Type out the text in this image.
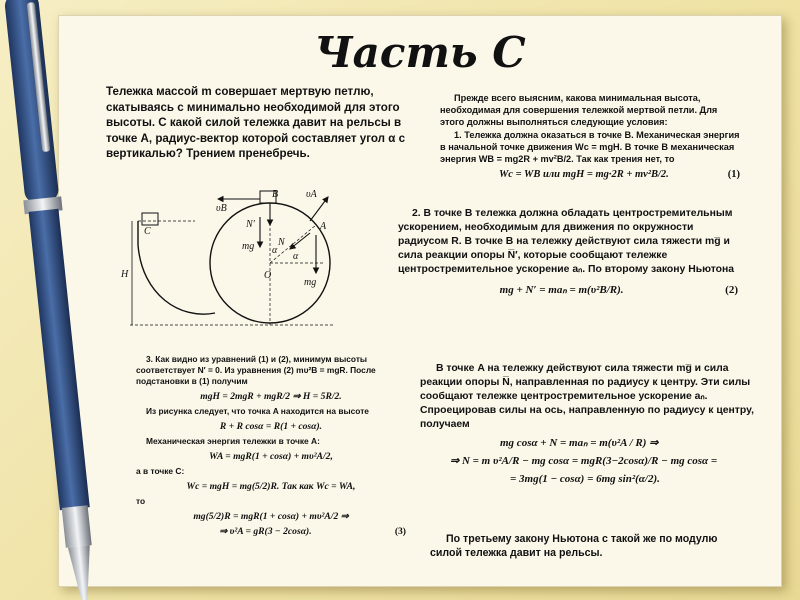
Часть С

Тележка массой m совершает мертвую петлю, скатываясь с минимально необходимой для этого высоты. С какой силой тележка давит на рельсы в точке А, радиус-вектор которой составляет угол α с вертикалью? Трением пренебречь.

Прежде всего выясним, какова минимальная высота, необходимая для совершения тележкой мертвой петли. Для этого должны выполняться следующие условия:

1. Тележка должна оказаться в точке B. Механическая энергия в начальной точке движения Wc = mgH. В точке B механическая энергия WB = mg2R + mv²B/2. Так как трения нет, то

Wc = WB или mgH = mg·2R + mv²B/2.	(1)

2. В точке B тележка должна обладать центростремительным ускорением, необходимым для движения по окружности радиусом R. В точке B на тележку действуют сила тяжести mg̅ и сила реакции опоры N̅′, которые сообщают тележке центростремительное ускорение aₙ. По второму закону Ньютона

mg + N′ = maₙ = m(υ²B/R).	(2)
B
A
C
O
H
υB
υA
N′
N
mg
mg
α
α

3. Как видно из уравнений (1) и (2), минимум высоты соответствует N′ = 0. Из уравнения (2) mυ²B = mgR. После подстановки в (1) получим

mgH = 2mgR + mgR/2 ⇒ H = 5R/2.

Из рисунка следует, что точка A находится на высоте

R + R cosα = R(1 + cosα).

Механическая энергия тележки в точке A:

WA = mgR(1 + cosα) + mυ²A/2,

а в точке C:

Wc = mgH = mg(5/2)R. Так как Wc = WA,

то

mg(5/2)R = mgR(1 + cosα) + mυ²A/2 ⇒
⇒ υ²A = gR(3 − 2cosα).	(3)

В точке A на тележку действуют сила тяжести mg̅ и сила реакции опоры N̅, направленная по радиусу к центру. Эти силы сообщают тележке центростремительное ускорение aₙ. Спроецировав силы на ось, направленную по радиусу к центру, получаем

mg cosα + N = maₙ = m(υ²A / R) ⇒
⇒ N = m υ²A/R − mg cosα = mgR(3−2cosα)/R − mg cosα =
= 3mg(1 − cosα) = 6mg sin²(α/2).

По третьему закону Ньютона с такой же по модулю силой тележка давит на рельсы.
